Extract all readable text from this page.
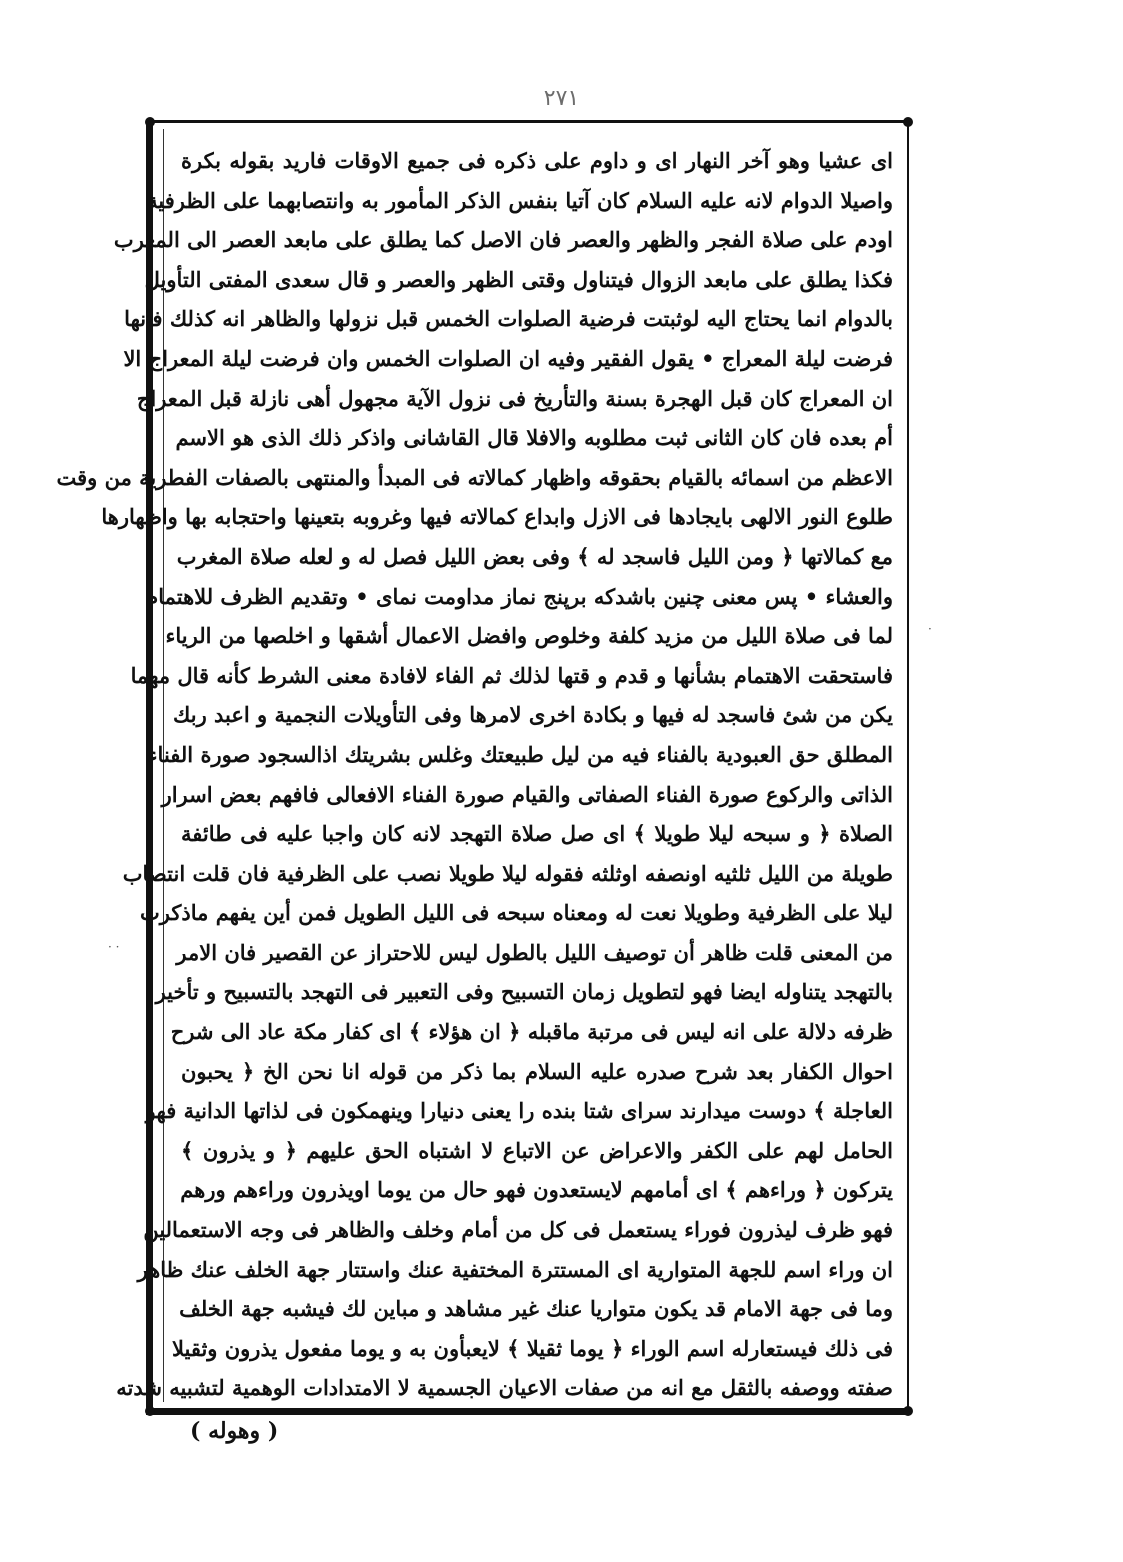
٢٧١
اى عشيا وهو آخر النهار اى و داوم على ذكره فى جميع الاوقات فاريد بقوله بكرة
واصيلا الدوام لانه عليه السلام كان آتيا بنفس الذكر المأمور به وانتصابهما على الظرفية
اودم على صلاة الفجر والظهر والعصر فان الاصل كما يطلق على مابعد العصر الى المغرب
فكذا يطلق على مابعد الزوال فيتناول وقتى الظهر والعصر و قال سعدى المفتى التأويل
بالدوام انما يحتاج اليه لوثبتت فرضية الصلوات الخمس قبل نزولها والظاهر انه كذلك فانها
فرضت ليلة المعراج • يقول الفقير وفيه ان الصلوات الخمس وان فرضت ليلة المعراج الا
ان المعراج كان قبل الهجرة بسنة والتأريخ فى نزول الآية مجهول أهى نازلة قبل المعراج
أم بعده فان كان الثانى ثبت مطلوبه والافلا قال القاشانى واذكر ذلك الذى هو الاسم
الاعظم من اسمائه بالقيام بحقوقه واظهار كمالاته فى المبدأ والمنتهى بالصفات الفطرية من وقت
طلوع النور الالهى بايجادها فى الازل وابداع كمالاته فيها وغروبه بتعينها واحتجابه بها واظهارها
مع كمالاتها ﴿ ومن الليل فاسجد له ﴾ وفى بعض الليل فصل له و لعله صلاة المغرب
والعشاء • پس معنى چنين باشدكه برپنج نماز مداومت نماى • وتقديم الظرف للاهتمام
لما فى صلاة الليل من مزيد كلفة وخلوص وافضل الاعمال أشقها و اخلصها من الرياء
فاستحقت الاهتمام بشأنها و قدم و قتها لذلك ثم الفاء لافادة معنى الشرط كأنه قال مهما
يكن من شئ فاسجد له فيها و بكادة اخرى لامرها وفى التأويلات النجمية و اعبد ربك
المطلق حق العبودية بالفناء فيه من ليل طبيعتك وغلس بشريتك اذالسجود صورة الفناء
الذاتى والركوع صورة الفناء الصفاتى والقيام صورة الفناء الافعالى فافهم بعض اسرار
الصلاة ﴿ و سبحه ليلا طويلا ﴾ اى صل صلاة التهجد لانه كان واجبا عليه فى طائفة
طويلة من الليل ثلثيه اونصفه اوثلثه فقوله ليلا طويلا نصب على الظرفية فان قلت انتصاب
ليلا على الظرفية وطويلا نعت له ومعناه سبحه فى الليل الطويل فمن أين يفهم ماذكرت
من المعنى قلت ظاهر أن توصيف الليل بالطول ليس للاحتراز عن القصير فان الامر
بالتهجد يتناوله ايضا فهو لتطويل زمان التسبيح وفى التعبير فى التهجد بالتسبيح و تأخير
ظرفه دلالة على انه ليس فى مرتبة ماقبله ﴿ ان هؤلاء ﴾ اى كفار مكة عاد الى شرح
احوال الكفار بعد شرح صدره عليه السلام بما ذكر من قوله انا نحن الخ ﴿ يحبون
العاجلة ﴾ دوست ميدارند سراى شتا بنده را يعنى دنيارا وينهمكون فى لذاتها الدانية فهو
الحامل لهم على الكفر والاعراض عن الاتباع لا اشتباه الحق عليهم ﴿ و يذرون ﴾
يتركون ﴿ وراءهم ﴾ اى أمامهم لايستعدون فهو حال من يوما اويذرون وراءهم ورهم
فهو ظرف ليذرون فوراء يستعمل فى كل من أمام وخلف والظاهر فى وجه الاستعمالين
ان وراء اسم للجهة المتوارية اى المستترة المختفية عنك واستتار جهة الخلف عنك ظاهر
وما فى جهة الامام قد يكون متواريا عنك غير مشاهد و مباين لك فيشبه جهة الخلف
فى ذلك فيستعارله اسم الوراء ﴿ يوما ثقيلا ﴾ لايعبأون به و يوما مفعول يذرون وثقيلا
صفته ووصفه بالثقل مع انه من صفات الاعيان الجسمية لا الامتدادات الوهمية لتشبيه شدته
·
· ·
( وهوله )
